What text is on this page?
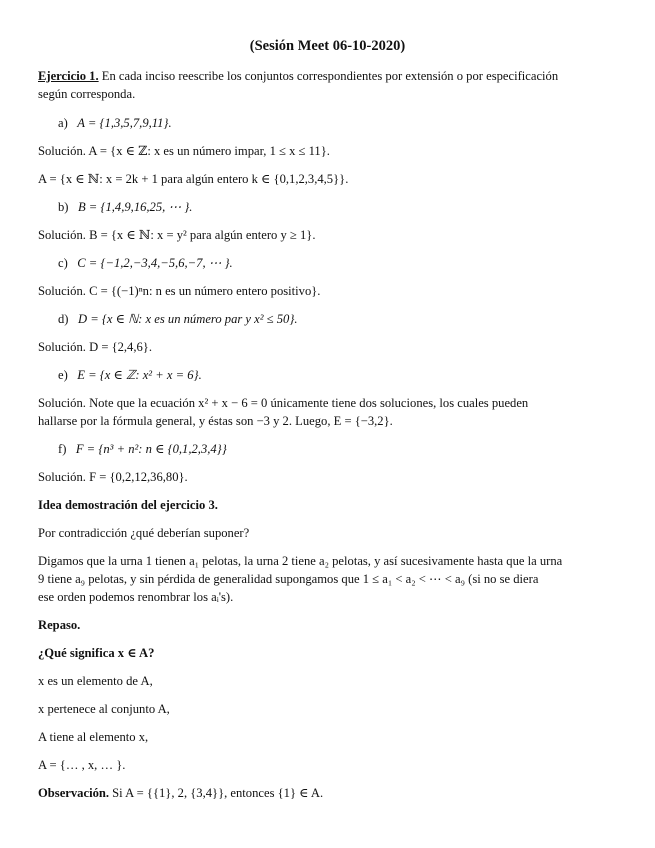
(Sesión Meet 06-10-2020)

Ejercicio 1. En cada inciso reescribe los conjuntos correspondientes por extensión o por especificación

según corresponda.

a) A = {1,3,5,7,9,11}.

Solución. A = {x ∈ ℤ: x es un número impar, 1 ≤ x ≤ 11}.

A = {x ∈ ℕ: x = 2k + 1 para algún entero k ∈ {0,1,2,3,4,5}}.

b) B = {1,4,9,16,25, ⋯ }.

Solución. B = {x ∈ ℕ: x = y² para algún entero y ≥ 1}.

c) C = {−1,2,−3,4,−5,6,−7, ⋯ }.

Solución. C = {(−1)ⁿn: n es un número entero positivo}.

d) D = {x ∈ ℕ: x es un número par y x² ≤ 50}.

Solución. D = {2,4,6}.

e) E = {x ∈ ℤ: x² + x = 6}.

Solución. Note que la ecuación x² + x − 6 = 0 únicamente tiene dos soluciones, los cuales pueden

hallarse por la fórmula general, y éstas son −3 y 2. Luego, E = {−3,2}.

f) F = {n³ + n²: n ∈ {0,1,2,3,4}}

Solución. F = {0,2,12,36,80}.

Idea demostración del ejercicio 3.

Por contradicción ¿qué deberían suponer?

Digamos que la urna 1 tienen a₁ pelotas, la urna 2 tiene a₂ pelotas, y así sucesivamente hasta que la urna

9 tiene a₉ pelotas, y sin pérdida de generalidad supongamos que 1 ≤ a₁ < a₂ < ⋯ < a₉ (si no se diera

ese orden podemos renombrar los aᵢ's).

Repaso.

¿Qué significa x ∈ A?

x es un elemento de A,

x pertenece al conjunto A,

A tiene al elemento x,

A = {… , x, … }.

Observación. Si A = {{1}, 2, {3,4}}, entonces {1} ∈ A.
